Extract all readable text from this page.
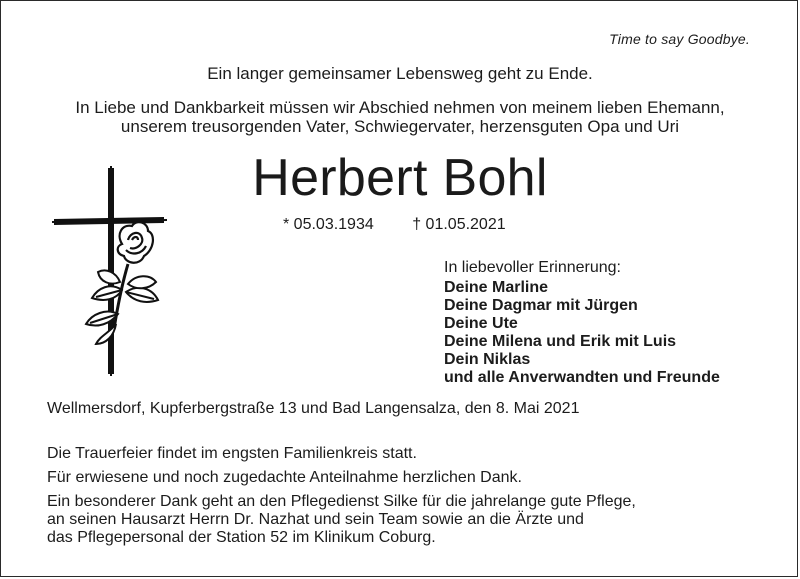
Time to say Goodbye.
Ein langer gemeinsamer Lebensweg geht zu Ende.
In Liebe und Dankbarkeit müssen wir Abschied nehmen von meinem lieben Ehemann,
unserem treusorgenden Vater, Schwiegervater, herzensguten Opa und Uri
Herbert Bohl
* 05.03.1934 † 01.05.2021
In liebevoller Erinnerung:
Deine Marline
Deine Dagmar mit Jürgen
Deine Ute
Deine Milena und Erik mit Luis
Dein Niklas
und alle Anverwandten und Freunde
Wellmersdorf, Kupferbergstraße 13 und Bad Langensalza, den 8. Mai 2021
Die Trauerfeier findet im engsten Familienkreis statt.
Für erwiesene und noch zugedachte Anteilnahme herzlichen Dank.
Ein besonderer Dank geht an den Pflegedienst Silke für die jahrelange gute Pflege,
an seinen Hausarzt Herrn Dr. Nazhat und sein Team sowie an die Ärzte und
das Pflegepersonal der Station 52 im Klinikum Coburg.
